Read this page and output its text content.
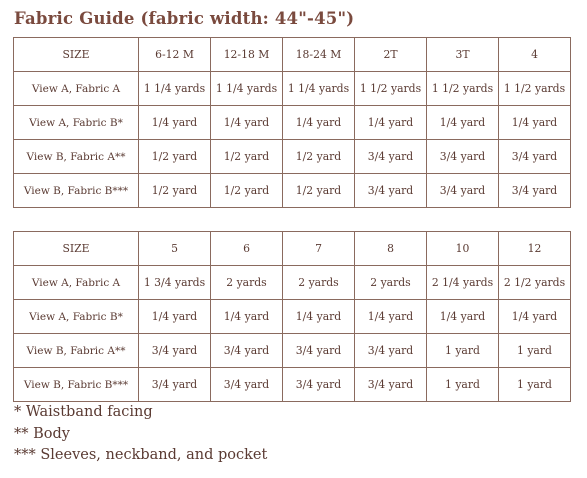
Fabric Guide (fabric width: 44"-45")
SIZE	6-12 M	12-18 M	18-24 M	2T	3T	4
View A, Fabric A	1 1/4 yards	1 1/4 yards	1 1/4 yards	1 1/2 yards	1 1/2 yards	1 1/2 yards
View A, Fabric B*	1/4 yard	1/4 yard	1/4 yard	1/4 yard	1/4 yard	1/4 yard
View B, Fabric A**	1/2 yard	1/2 yard	1/2 yard	3/4 yard	3/4 yard	3/4 yard
View B, Fabric B***	1/2 yard	1/2 yard	1/2 yard	3/4 yard	3/4 yard	3/4 yard
SIZE	5	6	7	8	10	12
View A, Fabric A	1 3/4 yards	2 yards	2 yards	2 yards	2 1/4 yards	2 1/2 yards
View A, Fabric B*	1/4 yard	1/4 yard	1/4 yard	1/4 yard	1/4 yard	1/4 yard
View B, Fabric A**	3/4 yard	3/4 yard	3/4 yard	3/4 yard	1 yard	1 yard
View B, Fabric B***	3/4 yard	3/4 yard	3/4 yard	3/4 yard	1 yard	1 yard
* Waistband facing
** Body
*** Sleeves, neckband, and pocket
